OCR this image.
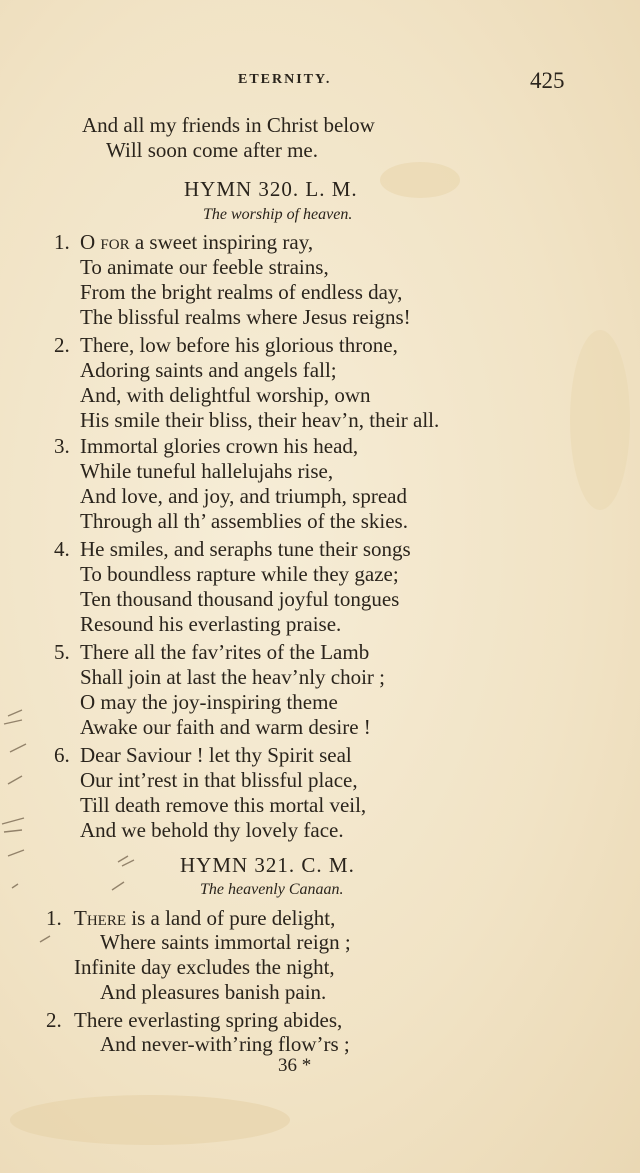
ETERNITY.	425
And all my friends in Christ below
Will soon come after me.
HYMN 320. L. M.
The worship of heaven.
1. O for a sweet inspiring ray,
To animate our feeble strains,
From the bright realms of endless day,
The blissful realms where Jesus reigns!
2. There, low before his glorious throne,
Adoring saints and angels fall;
And, with delightful worship, own
His smile their bliss, their heav’n, their all.
3. Immortal glories crown his head,
While tuneful hallelujahs rise,
And love, and joy, and triumph, spread
Through all th’ assemblies of the skies.
4. He smiles, and seraphs tune their songs
To boundless rapture while they gaze;
Ten thousand thousand joyful tongues
Resound his everlasting praise.
5. There all the fav’rites of the Lamb
Shall join at last the heav’nly choir ;
O may the joy-inspiring theme
Awake our faith and warm desire !
6. Dear Saviour ! let thy Spirit seal
Our int’rest in that blissful place,
Till death remove this mortal veil,
And we behold thy lovely face.
HYMN 321. C. M.
The heavenly Canaan.
1. There is a land of pure delight,
Where saints immortal reign ;
Infinite day excludes the night,
And pleasures banish pain.
2. There everlasting spring abides,
And never-with’ring flow’rs ;
36 *
